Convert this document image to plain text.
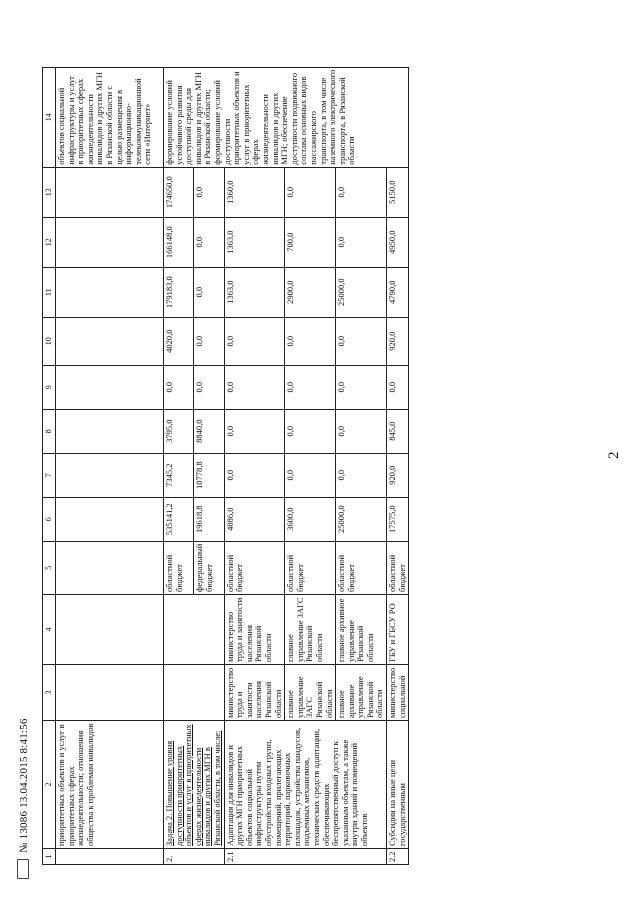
2
№ 13086 13.04.2015 8:41:56
1	2	3	4	5	6	7	8	9	10	11	12	13	14
	приоритетных объектов и услуг в приоритетных сферах жизнедеятельности; отношения общества к проблемам инвалидов												объектов социальной инфраструктуры и услуг в приоритетных сферах жизнедеятельности инвалидов и других МГН в Рязанской области с целью размещения в информационно-телекоммуникационной сети «Интернет»
2.	Задача 2. Повышение уровня доступности приоритетных объектов и услуг в приоритетных сферах жизнедеятельности инвалидов и других МГН в Рязанской области, в том числе:			областной бюджет	535141,2	7345,2	3795,0	0,0	4020,0	179183,0	166148,0	174650,0	формирование условий устойчивого развития доступной среды для инвалидов и других МГН в Рязанской области; формирование условий доступности приоритетных объектов и услуг в приоритетных сферах жизнедеятельности инвалидов и других МГН; обеспечение доступности подвижного состава основных видов пассажирского транспорта, в том числе наземного электрического транспорта, в Рязанской области
				федеральный бюджет	19618,8	10778,8	8840,0	0,0	0,0	0,0	0,0	0,0	
2.1	Адаптация для инвалидов и других МГН приоритетных объектов социальной инфраструктуры путем обустройства входных групп, помещений, прилегающих территорий, парковочных площадок, устройства пандусов, подъемных механизмов, технических средств адаптации, обеспечивающих беспрепятственный доступ к указанным объектам, а также внутри зданий и помещений объектов	министерство труда и занятости населения Рязанской области	министерство труда и занятости населения Рязанской области	областной бюджет	4086,0	0,0	0,0	0,0	0,0	1363,0	1363,0	1360,0	
		главное управление ЗАГС Рязанской области	главное управление ЗАГС Рязанской области	областной бюджет	3600,0	0,0	0,0	0,0	0,0	2900,0	700,0	0,0	
		главное архивное управление Рязанской области	главное архивное управление Рязанской области	областной бюджет	25000,0	0,0	0,0	0,0	0,0	25000,0	0,0	0,0	
2.2	Субсидии на иные цели государственным	министерство социальной	ГБУ и ГБСУ РО	областной бюджет	17575,0	920,0	845,0	0,0	920,0	4790,0	4950,0	5150,0	
